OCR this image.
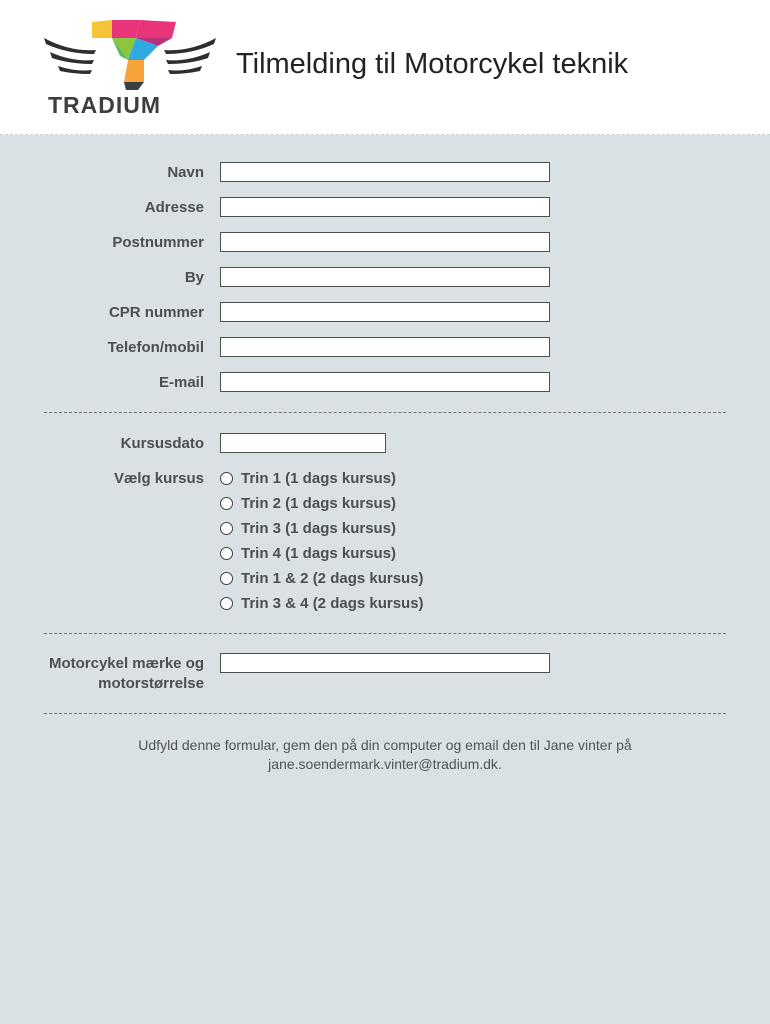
TRADIUM
Tilmelding til Motorcykel teknik
Navn
Adresse
Postnummer
By
CPR nummer
Telefon/mobil
E-mail
Kursusdato
Vælg kursus Trin 1 (1 dags kursus)
Trin 2 (1 dags kursus)
Trin 3 (1 dags kursus)
Trin 4 (1 dags kursus)
Trin 1 & 2 (2 dags kursus)
Trin 3 & 4 (2 dags kursus)
Motorcykel mærke og
motorstørrelse
Udfyld denne formular, gem den på din computer og email den til Jane vinter på
jane.soendermark.vinter@tradium.dk.
